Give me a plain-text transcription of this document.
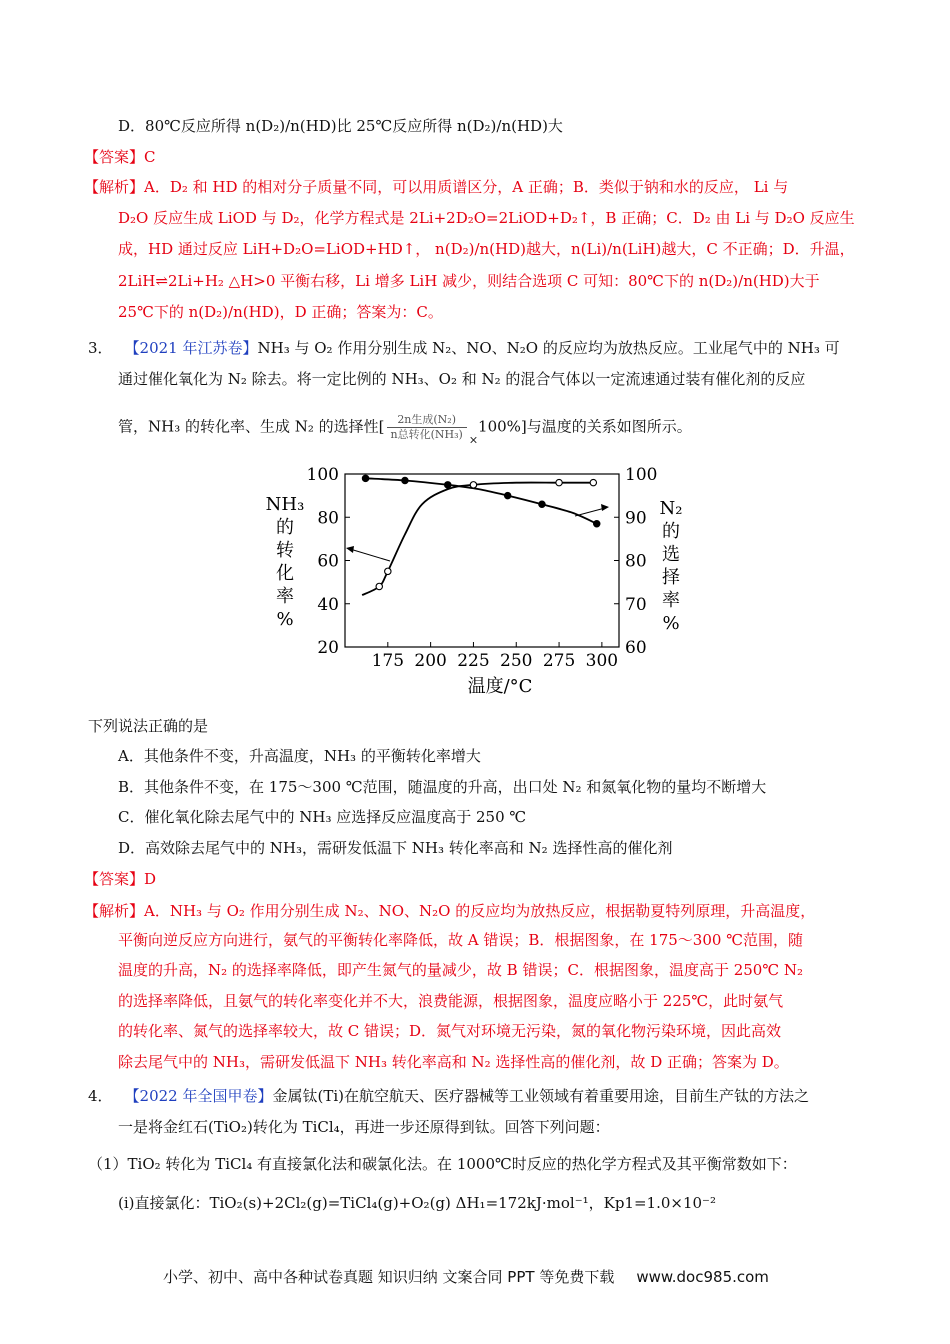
D．80℃反应所得 n(D₂)/n(HD)比 25℃反应所得 n(D₂)/n(HD)大
【答案】C
【解析】A．D₂ 和 HD 的相对分子质量不同，可以用质谱区分，A 正确；B．类似于钠和水的反应， Li 与
D₂O 反应生成 LiOD 与 D₂，化学方程式是 2Li+2D₂O=2LiOD+D₂↑，B 正确；C．D₂ 由 Li 与 D₂O 反应生
成，HD 通过反应 LiH+D₂O=LiOD+HD↑， n(D₂)/n(HD)越大，n(Li)/n(LiH)越大，C 不正确；D．升温，
2LiH⇌2Li+H₂ △H>0 平衡右移，Li 增多 LiH 减少，则结合选项 C 可知：80℃下的 n(D₂)/n(HD)大于
25℃下的 n(D₂)/n(HD)，D 正确；答案为：C。
3． 【2021 年江苏卷】NH₃ 与 O₂ 作用分别生成 N₂、NO、N₂O 的反应均为放热反应。工业尾气中的 NH₃ 可
通过催化氧化为 N₂ 除去。将一定比例的 NH₃、O₂ 和 N₂ 的混合气体以一定流速通过装有催化剂的反应
管，NH₃ 的转化率、生成 N₂ 的选择性[	2n生成(N₂)
n总转化(NH₃) $_\times$100%]与温度的关系如图所示。
20
40
60
80
100
60
70
80
90
100
175 200 225 250 275 300
温度/°C
NH₃
的
转
化
率
%
N₂
的
选
择
率
%
下列说法正确的是
A．其他条件不变，升高温度，NH₃ 的平衡转化率增大
B．其他条件不变，在 175～300 ℃范围，随温度的升高，出口处 N₂ 和氮氧化物的量均不断增大
C．催化氧化除去尾气中的 NH₃ 应选择反应温度高于 250 ℃
D．高效除去尾气中的 NH₃，需研发低温下 NH₃ 转化率高和 N₂ 选择性高的催化剂
【答案】D
【解析】A．NH₃ 与 O₂ 作用分别生成 N₂、NO、N₂O 的反应均为放热反应，根据勒夏特列原理，升高温度，
平衡向逆反应方向进行，氨气的平衡转化率降低，故 A 错误；B．根据图象，在 175～300 ℃范围，随
温度的升高，N₂ 的选择率降低，即产生氮气的量减少，故 B 错误；C．根据图象，温度高于 250℃ N₂
的选择率降低，且氨气的转化率变化并不大，浪费能源，根据图象，温度应略小于 225℃，此时氨气
的转化率、氮气的选择率较大，故 C 错误；D．氮气对环境无污染，氮的氧化物污染环境，因此高效
除去尾气中的 NH₃，需研发低温下 NH₃ 转化率高和 N₂ 选择性高的催化剂，故 D 正确；答案为 D。
4． 【2022 年全国甲卷】金属钛(Ti)在航空航天、医疗器械等工业领域有着重要用途，目前生产钛的方法之
一是将金红石(TiO₂)转化为 TiCl₄，再进一步还原得到钛。回答下列问题：
（1）TiO₂ 转化为 TiCl₄ 有直接氯化法和碳氯化法。在 1000℃时反应的热化学方程式及其平衡常数如下：
(i)直接氯化：TiO₂(s)+2Cl₂(g)=TiCl₄(g)+O₂(g) ΔH₁=172kJ·mol⁻¹，Kp1=1.0×10⁻²
小学、初中、高中各种试卷真题 知识归纳 文案合同 PPT 等免费下载 www.doc985.com
